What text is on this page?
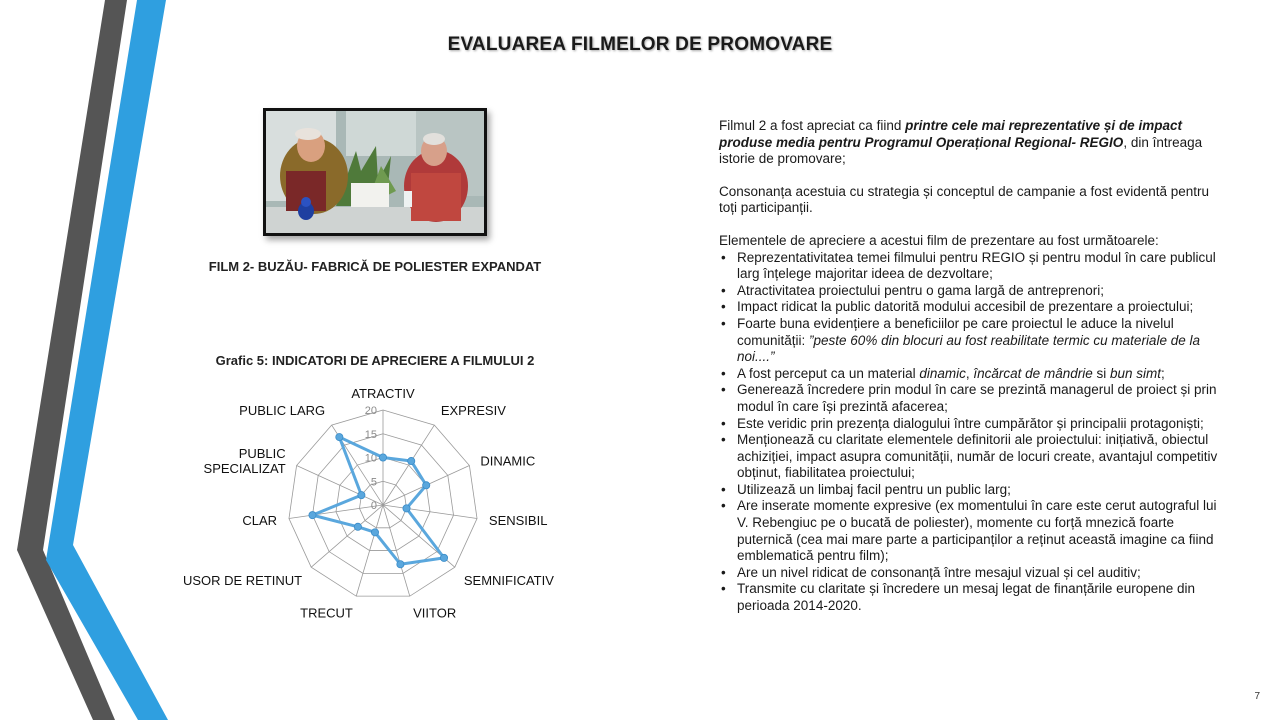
EVALUAREA FILMELOR DE PROMOVARE
FILM 2- BUZĂU- FABRICĂ DE POLIESTER EXPANDAT
Grafic 5: INDICATORI DE APRECIERE A FILMULUI 2
0
5
10
15
20
ATRACTIV
EXPRESIV
DINAMIC
SENSIBIL
SEMNIFICATIV
VIITOR
TRECUT
USOR DE RETINUT
CLAR
PUBLIC SPECIALIZAT
PUBLIC LARG

Filmul 2 a fost apreciat ca fiind printre cele mai reprezentative și de impact produse media pentru Programul Operațional Regional- REGIO, din întreaga istorie de promovare;

Consonanța acestuia cu strategia și conceptul de campanie a fost evidentă pentru toți participanții.

Elementele de apreciere a acestui film de prezentare au fost următoarele:

• Reprezentativitatea temei filmului pentru REGIO și pentru modul în care publicul larg înțelege majoritar ideea de dezvoltare;
• Atractivitatea proiectului pentru o gama largă de antreprenori;
• Impact ridicat la public datorită modului accesibil de prezentare a proiectului;
• Foarte buna evidențiere a beneficiilor pe care proiectul le aduce la nivelul comunității: ”peste 60% din blocuri au fost reabilitate termic cu materiale de la noi....”
• A fost perceput ca un material dinamic, încărcat de mândrie si bun simt;
• Generează încredere prin modul în care se prezintă managerul de proiect și prin modul în care își prezintă afacerea;
• Este veridic prin prezența dialogului între cumpărător și principalii protagoniști;
• Menționează cu claritate elementele definitorii ale proiectului: inițiativă, obiectul achiziției, impact asupra comunității, număr de locuri create, avantajul competitiv obținut, fiabilitatea proiectului;
• Utilizează un limbaj facil pentru un public larg;
• Are inserate momente expresive (ex momentului în care este cerut autograful lui V. Rebengiuc pe o bucată de poliester), momente cu forță mnezică foarte puternică (cea mai mare parte a participanților a reținut această imagine ca fiind emblematică pentru film);
• Are un nivel ridicat de consonanță între mesajul vizual și cel auditiv;
• Transmite cu claritate și încredere un mesaj legat de finanțările europene din perioada 2014-2020.
7
